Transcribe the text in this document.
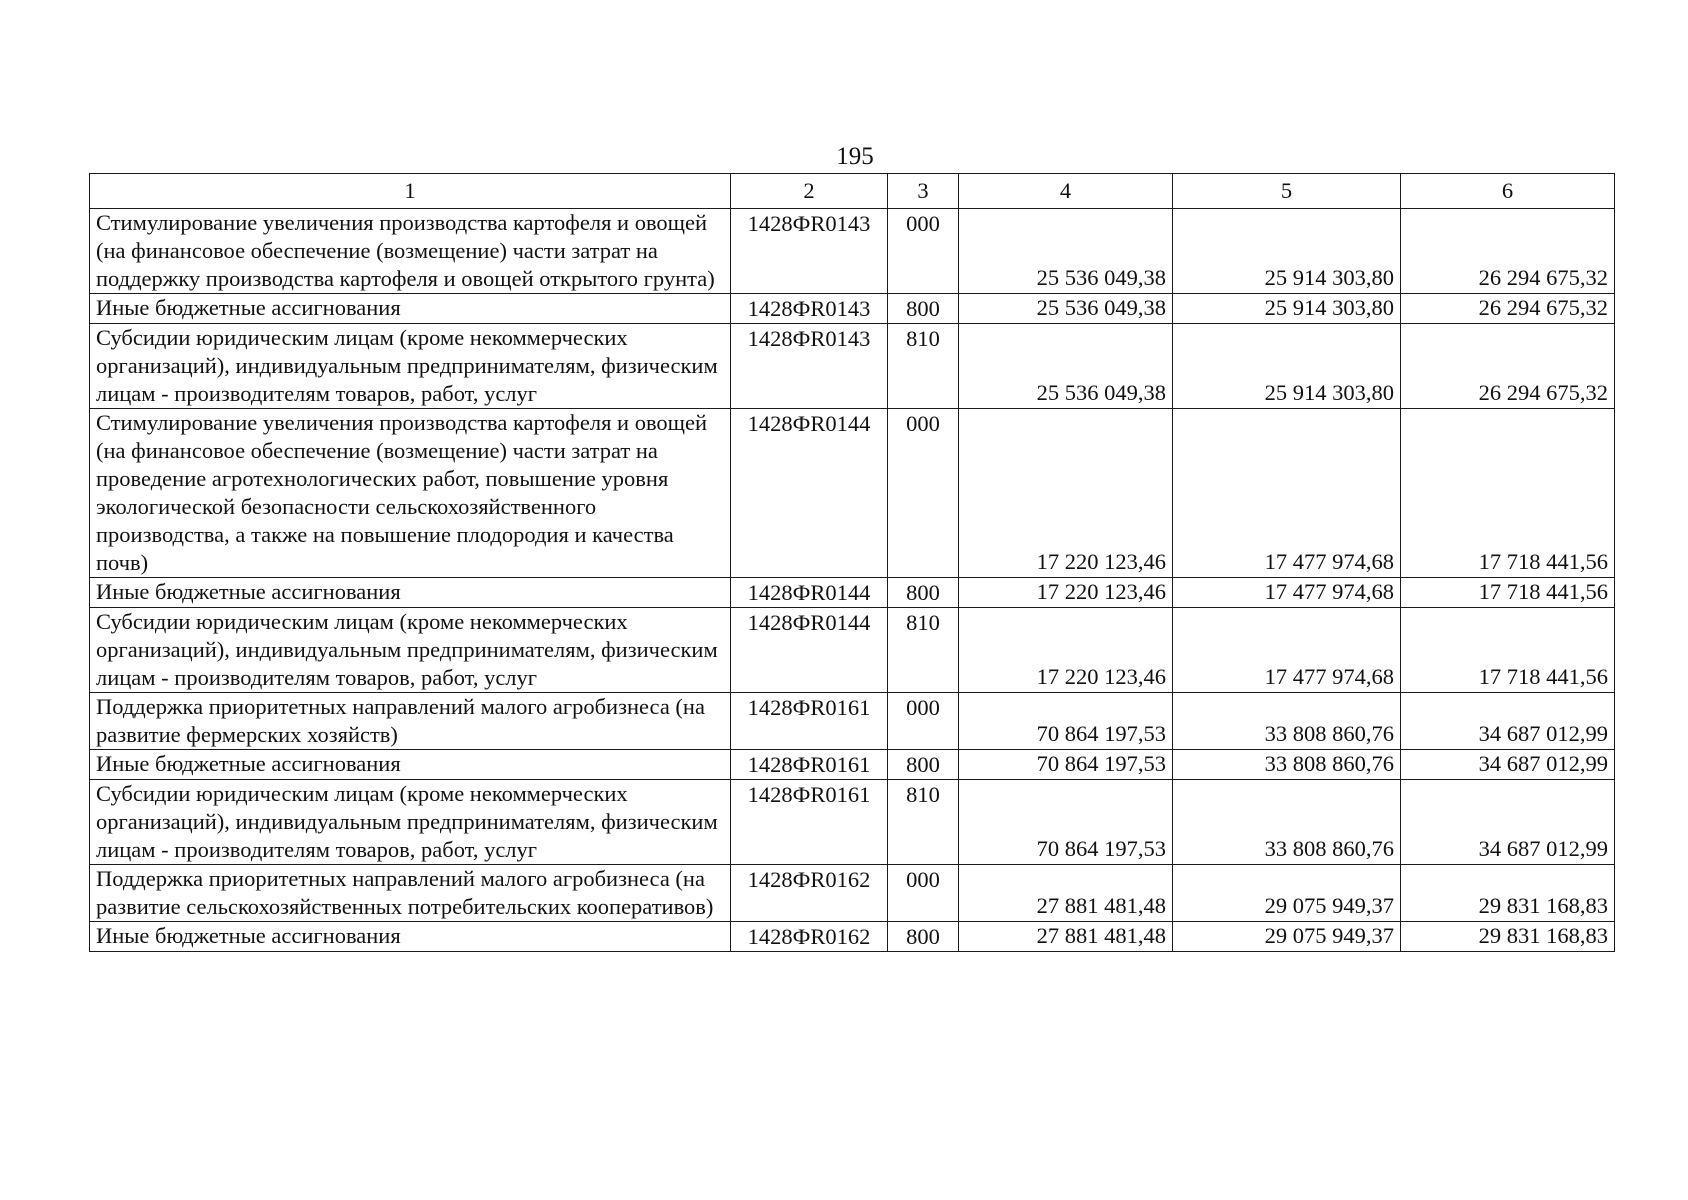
195
1	2	3	4	5	6
Стимулирование увеличения производства картофеля и овощей (на финансовое обеспечение (возмещение) части затрат на поддержку производства картофеля и овощей открытого грунта)	1428ФR0143	000	25 536 049,38	25 914 303,80	26 294 675,32
Иные бюджетные ассигнования	1428ФR0143	800	25 536 049,38	25 914 303,80	26 294 675,32
Субсидии юридическим лицам (кроме некоммерческих организаций), индивидуальным предпринимателям, физическим лицам - производителям товаров, работ, услуг	1428ФR0143	810	25 536 049,38	25 914 303,80	26 294 675,32
Стимулирование увеличения производства картофеля и овощей (на финансовое обеспечение (возмещение) части затрат на проведение агротехнологических работ, повышение уровня экологической безопасности сельскохозяйственного производства, а также на повышение плодородия и качества почв)	1428ФR0144	000	17 220 123,46	17 477 974,68	17 718 441,56
Иные бюджетные ассигнования	1428ФR0144	800	17 220 123,46	17 477 974,68	17 718 441,56
Субсидии юридическим лицам (кроме некоммерческих организаций), индивидуальным предпринимателям, физическим лицам - производителям товаров, работ, услуг	1428ФR0144	810	17 220 123,46	17 477 974,68	17 718 441,56
Поддержка приоритетных направлений малого агробизнеса (на развитие фермерских хозяйств)	1428ФR0161	000	70 864 197,53	33 808 860,76	34 687 012,99
Иные бюджетные ассигнования	1428ФR0161	800	70 864 197,53	33 808 860,76	34 687 012,99
Субсидии юридическим лицам (кроме некоммерческих организаций), индивидуальным предпринимателям, физическим лицам - производителям товаров, работ, услуг	1428ФR0161	810	70 864 197,53	33 808 860,76	34 687 012,99
Поддержка приоритетных направлений малого агробизнеса (на развитие сельскохозяйственных потребительских кооперативов)	1428ФR0162	000	27 881 481,48	29 075 949,37	29 831 168,83
Иные бюджетные ассигнования	1428ФR0162	800	27 881 481,48	29 075 949,37	29 831 168,83
